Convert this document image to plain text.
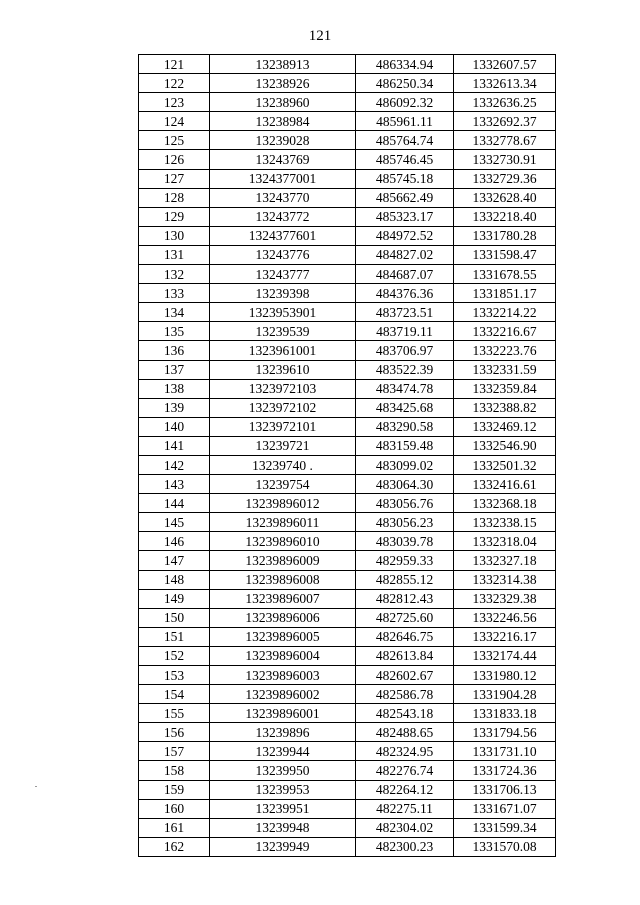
121
121	13238913	486334.94	1332607.57
122	13238926	486250.34	1332613.34
123	13238960	486092.32	1332636.25
124	13238984	485961.11	1332692.37
125	13239028	485764.74	1332778.67
126	13243769	485746.45	1332730.91
127	1324377001	485745.18	1332729.36
128	13243770	485662.49	1332628.40
129	13243772	485323.17	1332218.40
130	1324377601	484972.52	1331780.28
131	13243776	484827.02	1331598.47
132	13243777	484687.07	1331678.55
133	13239398	484376.36	1331851.17
134	1323953901	483723.51	1332214.22
135	13239539	483719.11	1332216.67
136	1323961001	483706.97	1332223.76
137	13239610	483522.39	1332331.59
138	1323972103	483474.78	1332359.84
139	1323972102	483425.68	1332388.82
140	1323972101	483290.58	1332469.12
141	13239721	483159.48	1332546.90
142	13239740 .	483099.02	1332501.32
143	13239754	483064.30	1332416.61
144	13239896012	483056.76	1332368.18
145	13239896011	483056.23	1332338.15
146	13239896010	483039.78	1332318.04
147	13239896009	482959.33	1332327.18
148	13239896008	482855.12	1332314.38
149	13239896007	482812.43	1332329.38
150	13239896006	482725.60	1332246.56
151	13239896005	482646.75	1332216.17
152	13239896004	482613.84	1332174.44
153	13239896003	482602.67	1331980.12
154	13239896002	482586.78	1331904.28
155	13239896001	482543.18	1331833.18
156	13239896	482488.65	1331794.56
157	13239944	482324.95	1331731.10
158	13239950	482276.74	1331724.36
159	13239953	482264.12	1331706.13
160	13239951	482275.11	1331671.07
161	13239948	482304.02	1331599.34
162	13239949	482300.23	1331570.08
